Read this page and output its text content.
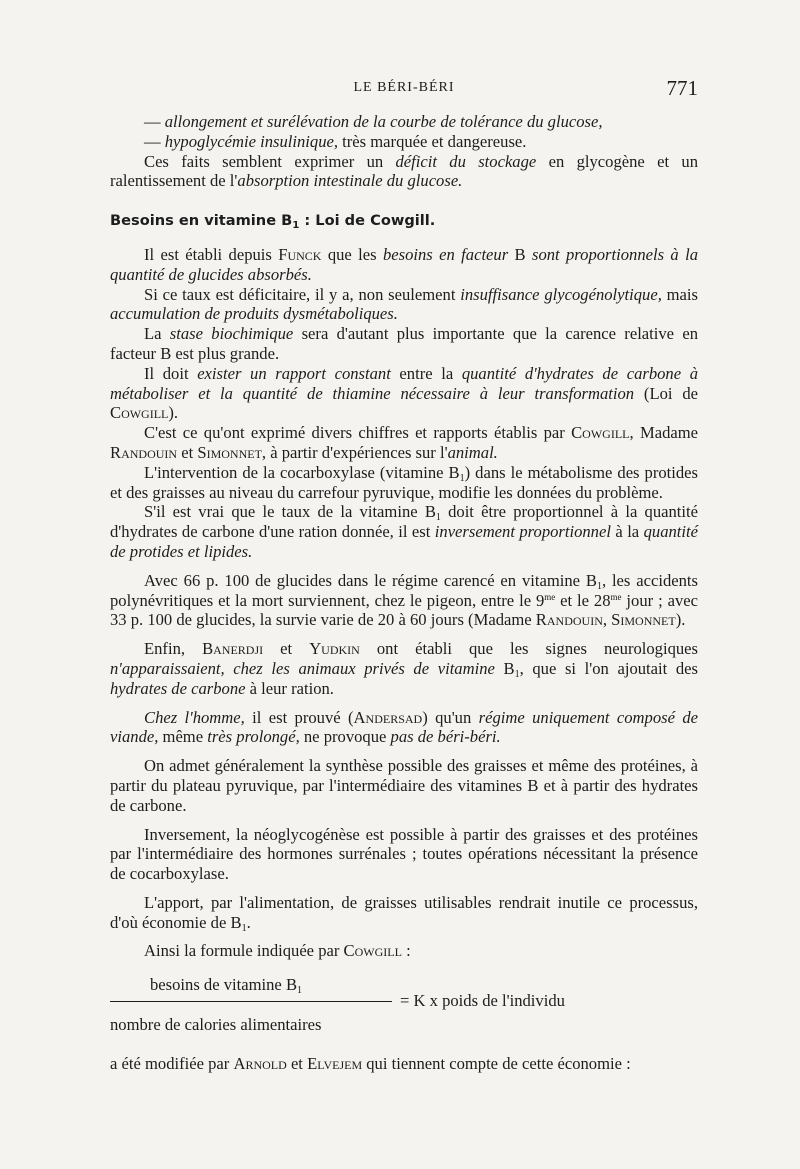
LE BÉRI-BÉRI	771

— allongement et surélévation de la courbe de tolérance du glucose,

— hypoglycémie insulinique, très marquée et dangereuse.

Ces faits semblent exprimer un déficit du stockage en glycogène et un ralentissement de l'absorption intestinale du glucose.

Besoins en vitamine $B_1$ : Loi de Cowgill.

Il est établi depuis Funck que les besoins en facteur B sont proportionnels à la quantité de glucides absorbés.

Si ce taux est déficitaire, il y a, non seulement insuffisance glycogénolytique, mais accumulation de produits dysmétaboliques.

La stase biochimique sera d'autant plus importante que la carence relative en facteur B est plus grande.

Il doit exister un rapport constant entre la quantité d'hydrates de carbone à métaboliser et la quantité de thiamine nécessaire à leur transformation (Loi de Cowgill).

C'est ce qu'ont exprimé divers chiffres et rapports établis par Cowgill, Madame Randouin et Simonnet, à partir d'expériences sur l'animal.

L'intervention de la cocarboxylase (vitamine $B_1$) dans le métabolisme des protides et des graisses au niveau du carrefour pyruvique, modifie les données du problème.

S'il est vrai que le taux de la vitamine $B_1$ doit être proportionnel à la quantité d'hydrates de carbone d'une ration donnée, il est inversement proportionnel à la quantité de protides et lipides.

Avec 66 p. 100 de glucides dans le régime carencé en vitamine $B_1$, les accidents polynévritiques et la mort surviennent, chez le pigeon, entre le $9^{me}$ et le $28^{me}$ jour ; avec 33 p. 100 de glucides, la survie varie de 20 à 60 jours (Madame Randouin, Simonnet).

Enfin, Banerdji et Yudkin ont établi que les signes neurologiques n'apparaissaient, chez les animaux privés de vitamine $B_1$, que si l'on ajoutait des hydrates de carbone à leur ration.

Chez l'homme, il est prouvé (Andersad) qu'un régime uniquement composé de viande, même très prolongé, ne provoque pas de béri-béri.

On admet généralement la synthèse possible des graisses et même des protéines, à partir du plateau pyruvique, par l'intermédiaire des vitamines B et à partir des hydrates de carbone.

Inversement, la néoglycogénèse est possible à partir des graisses et des protéines par l'intermédiaire des hormones surrénales ; toutes opérations nécessitant la présence de cocarboxylase.

L'apport, par l'alimentation, de graisses utilisables rendrait inutile ce processus, d'où économie de $B_1$.

Ainsi la formule indiquée par Cowgill :

besoins de vitamine $B_1$
= K x poids de l'individu
nombre de calories alimentaires

a été modifiée par Arnold et Elvejem qui tiennent compte de cette économie :
